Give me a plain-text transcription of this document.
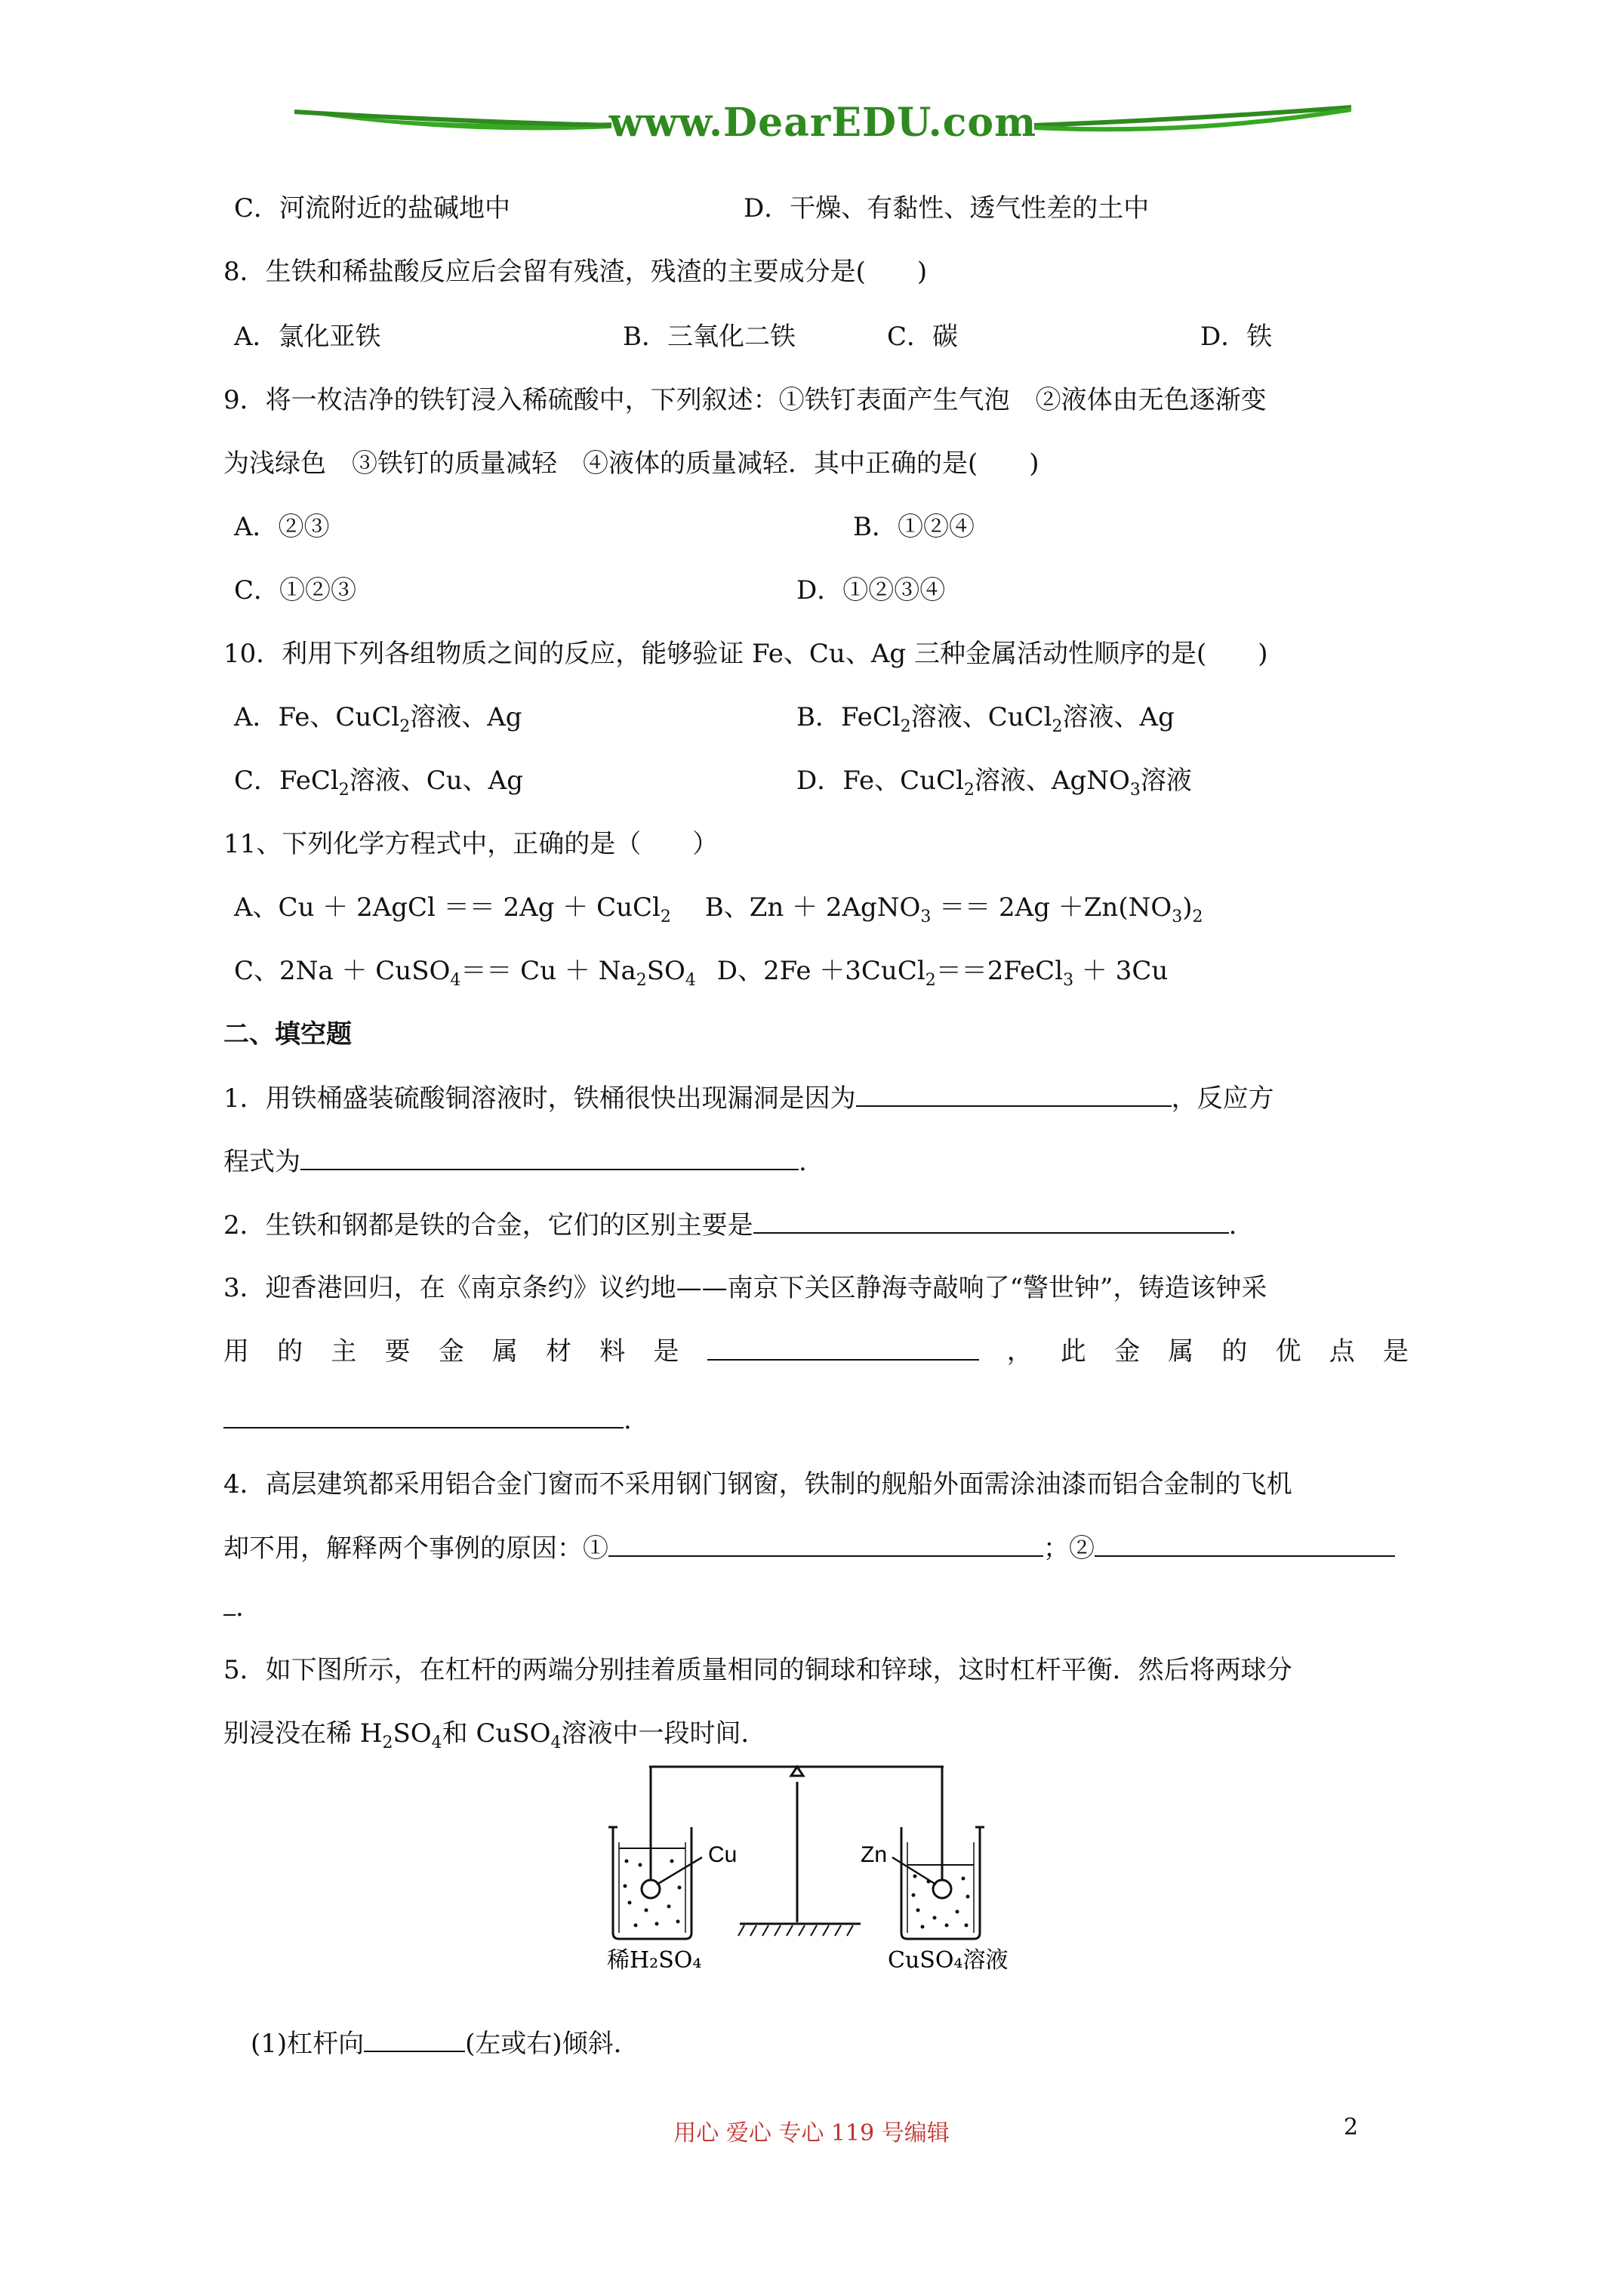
www.DearEDU.com
C．河流附近的盐碱地中	D．干燥、有黏性、透气性差的土中
8．生铁和稀盐酸反应后会留有残渣，残渣的主要成分是(　　)
A．氯化亚铁	B．三氧化二铁	C．碳	D．铁
9．将一枚洁净的铁钉浸入稀硫酸中，下列叙述：①铁钉表面产生气泡　②液体由无色逐渐变
为浅绿色　③铁钉的质量减轻　④液体的质量减轻．其中正确的是(　　)
A．②③	B．①②④
C．①②③	D．①②③④
10．利用下列各组物质之间的反应，能够验证 Fe、Cu、Ag 三种金属活动性顺序的是(　　)
A．Fe、CuCl$_2$溶液、Ag	B．FeCl$_2$溶液、CuCl$_2$溶液、Ag
C．FeCl$_2$溶液、Cu、Ag	D．Fe、CuCl$_2$溶液、AgNO$_3$溶液
11、下列化学方程式中，正确的是（　　）
A、Cu ＋ 2AgCl ＝＝ 2Ag ＋ CuCl$_2$   B、Zn ＋ 2AgNO$_3$ ＝＝ $2Ag +Zn(NO_3)_2$
C、2Na ＋ CuSO$_4$＝＝ $Cu + Na_2SO_4$   D、2Fe ＋3CuCl$_2$＝＝2FeCl$_3$ ＋ 3Cu
二、填空题
1．用铁桶盛装硫酸铜溶液时，铁桶很快出现漏洞是因为	，反应方
程式为	.
2．生铁和钢都是铁的合金，它们的区别主要是	.
3．迎香港回归，在《南京条约》议约地——南京下关区静海寺敲响了“警世钟”，铸造该钟采
用 的 主 要 金 属 材 料 是	， 此 金 属 的 优 点 是
.
4．高层建筑都采用铝合金门窗而不采用钢门钢窗，铁制的舰船外面需涂油漆而铝合金制的飞机
却不用，解释两个事例的原因：①	；②
.
5．如下图所示，在杠杆的两端分别挂着质量相同的铜球和锌球，这时杠杆平衡．然后将两球分
别浸没在稀 $H_2SO_4$和 CuSO$_4$溶液中一段时间．
Cu	Zn
稀H₂SO₄	CuSO₄溶液
(1)杠杆向	(左或右)倾斜．
用心 爱心 专心 119 号编辑	2
